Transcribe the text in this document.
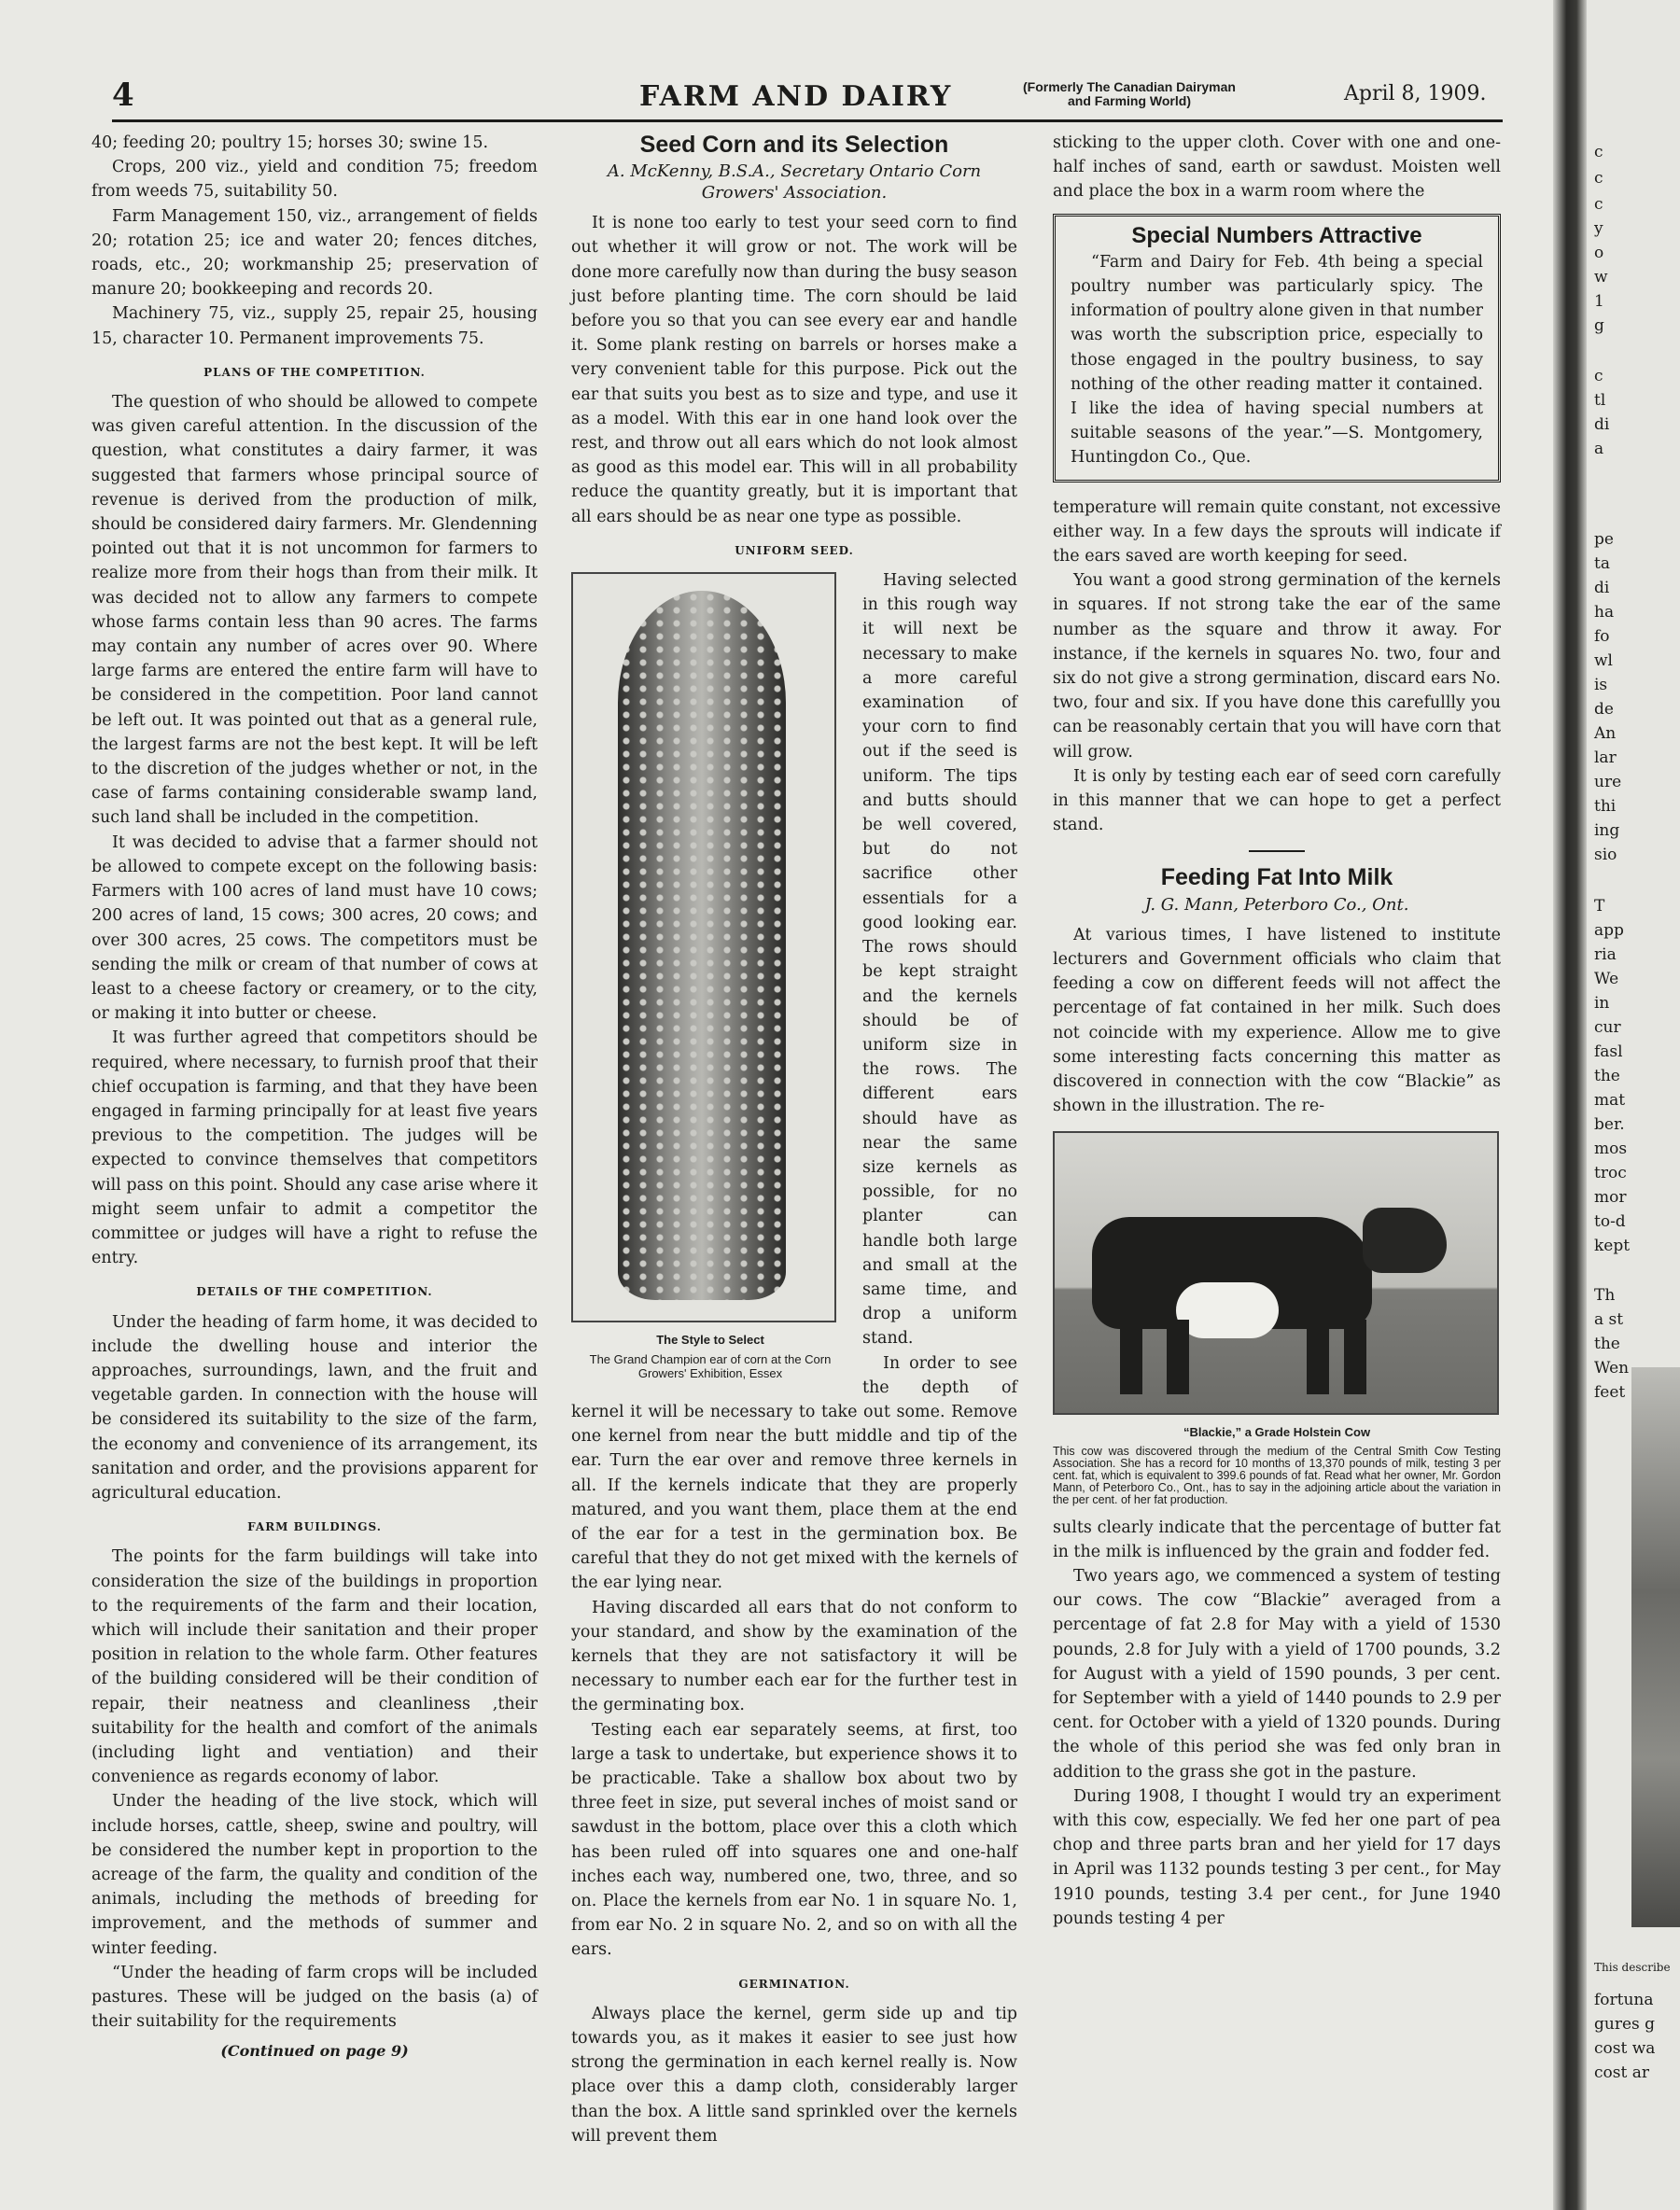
4	FARM AND DAIRY	(Formerly The Canadian Dairyman
and Farming World)	April 8, 1909.

40; feeding 20; poultry 15; horses 30; swine 15.

Crops, 200 viz., yield and condition 75; freedom from weeds 75, suitability 50.

Farm Management 150, viz., arrangement of fields 20; rotation 25; ice and water 20; fences ditches, roads, etc., 20; workmanship 25; preservation of manure 20; bookkeeping and records 20.

Machinery 75, viz., supply 25, repair 25, housing 15, character 10. Permanent improvements 75.

PLANS OF THE COMPETITION.

The question of who should be allowed to compete was given careful attention. In the discussion of the question, what constitutes a dairy farmer, it was suggested that farmers whose principal source of revenue is derived from the production of milk, should be considered dairy farmers. Mr. Glendenning pointed out that it is not uncommon for farmers to realize more from their hogs than from their milk. It was decided not to allow any farmers to compete whose farms contain less than 90 acres. The farms may contain any number of acres over 90. Where large farms are entered the entire farm will have to be considered in the competition. Poor land cannot be left out. It was pointed out that as a general rule, the largest farms are not the best kept. It will be left to the discretion of the judges whether or not, in the case of farms containing considerable swamp land, such land shall be included in the competition.

It was decided to advise that a farmer should not be allowed to compete except on the following basis: Farmers with 100 acres of land must have 10 cows; 200 acres of land, 15 cows; 300 acres, 20 cows; and over 300 acres, 25 cows. The competitors must be sending the milk or cream of that number of cows at least to a cheese factory or creamery, or to the city, or making it into butter or cheese.

It was further agreed that competitors should be required, where necessary, to furnish proof that their chief occupation is farming, and that they have been engaged in farming principally for at least five years previous to the competition. The judges will be expected to convince themselves that competitors will pass on this point. Should any case arise where it might seem unfair to admit a competitor the committee or judges will have a right to refuse the entry.

DETAILS OF THE COMPETITION.

Under the heading of farm home, it was decided to include the dwelling house and interior the approaches, surroundings, lawn, and the fruit and vegetable garden. In connection with the house will be considered its suitability to the size of the farm, the economy and convenience of its arrangement, its sanitation and order, and the provisions apparent for agricultural education.

FARM BUILDINGS.

The points for the farm buildings will take into consideration the size of the buildings in proportion to the requirements of the farm and their location, which will include their sanitation and their proper position in relation to the whole farm. Other features of the building considered will be their condition of repair, their neatness and cleanliness ,their suitability for the health and comfort of the animals (including light and ventiation) and their convenience as regards economy of labor.

Under the heading of the live stock, which will include horses, cattle, sheep, swine and poultry, will be considered the number kept in proportion to the acreage of the farm, the quality and condition of the animals, including the methods of breeding for improvement, and the methods of summer and winter feeding.

“Under the heading of farm crops will be included pastures. These will be judged on the basis (a) of their suitability for the requirements

(Continued on page 9)
Seed Corn and its Selection
A. McKenny, B.S.A., Secretary Ontario Corn
Growers' Association.

It is none too early to test your seed corn to find out whether it will grow or not. The work will be done more carefully now than during the busy season just before planting time. The corn should be laid before you so that you can see every ear and handle it. Some plank resting on barrels or horses make a very convenient table for this purpose. Pick out the ear that suits you best as to size and type, and use it as a model. With this ear in one hand look over the rest, and throw out all ears which do not look almost as good as this model ear. This will in all probability reduce the quantity greatly, but it is important that all ears should be as near one type as possible.

UNIFORM SEED.
The Style to Select
The Grand Champion ear of corn at the Corn Growers' Exhibition, Essex

Having selected in this rough way it will next be necessary to make a more careful examination of your corn to find out if the seed is uniform. The tips and butts should be well covered, but do not sacrifice other essentials for a good looking ear. The rows should be kept straight and the kernels should be of uniform size in the rows. The different ears should have as near the same size kernels as possible, for no planter can handle both large and small at the same time, and drop a uniform stand.

In order to see the depth of kernel it will be necessary to take out some. Remove one kernel from near the butt middle and tip of the ear. Turn the ear over and remove three kernels in all. If the kernels indicate that they are properly matured, and you want them, place them at the end of the ear for a test in the germination box. Be careful that they do not get mixed with the kernels of the ear lying near.

Having discarded all ears that do not conform to your standard, and show by the examination of the kernels that they are not satisfactory it will be necessary to number each ear for the further test in the germinating box.

Testing each ear separately seems, at first, too large a task to undertake, but experience shows it to be practicable. Take a shallow box about two by three feet in size, put several inches of moist sand or sawdust in the bottom, place over this a cloth which has been ruled off into squares one and one-half inches each way, numbered one, two, three, and so on. Place the kernels from ear No. 1 in square No. 1, from ear No. 2 in square No. 2, and so on with all the ears.

GERMINATION.

Always place the kernel, germ side up and tip towards you, as it makes it easier to see just how strong the germination in each kernel really is. Now place over this a damp cloth, considerably larger than the box. A little sand sprinkled over the kernels will prevent them

sticking to the upper cloth. Cover with one and one-half inches of sand, earth or sawdust. Moisten well and place the box in a warm room where the

Special Numbers Attractive

“Farm and Dairy for Feb. 4th being a special poultry number was particularly spicy. The information of poultry alone given in that number was worth the subscription price, especially to those engaged in the poultry business, to say nothing of the other reading matter it contained. I like the idea of having special numbers at suitable seasons of the year.”—S. Montgomery, Huntingdon Co., Que.

temperature will remain quite constant, not excessive either way. In a few days the sprouts will indicate if the ears saved are worth keeping for seed.

You want a good strong germination of the kernels in squares. If not strong take the ear of the same number as the square and throw it away. For instance, if the kernels in squares No. two, four and six do not give a strong germination, discard ears No. two, four and six. If you have done this carefullly you can be reasonably certain that you will have corn that will grow.

It is only by testing each ear of seed corn carefully in this manner that we can hope to get a perfect stand.

Feeding Fat Into Milk
J. G. Mann, Peterboro Co., Ont.

At various times, I have listened to institute lecturers and Government officials who claim that feeding a cow on different feeds will not affect the percentage of fat contained in her milk. Such does not coincide with my experience. Allow me to give some interesting facts concerning this matter as discovered in connection with the cow “Blackie” as shown in the illustration. The re-

“Blackie,” a Grade Holstein Cow
This cow was discovered through the medium of the Central Smith Cow Testing Association. She has a record for 10 months of 13,370 pounds of milk, testing 3 per cent. fat, which is equivalent to 399.6 pounds of fat. Read what her owner, Mr. Gordon Mann, of Peterboro Co., Ont., has to say in the adjoining article about the variation in the per cent. of her fat production.

sults clearly indicate that the percentage of butter fat in the milk is influenced by the grain and fodder fed.

Two years ago, we commenced a system of testing our cows. The cow “Blackie” averaged from a percentage of fat 2.8 for May with a yield of 1530 pounds, 2.8 for July with a yield of 1700 pounds, 3.2 for August with a yield of 1590 pounds, 3 per cent. for September with a yield of 1440 pounds to 2.9 per cent. for October with a yield of 1320 pounds. During the whole of this period she was fed only bran in addition to the grass she got in the pasture.

During 1908, I thought I would try an experiment with this cow, especially. We fed her one part of pea chop and three parts bran and her yield for 17 days in April was 1132 pounds testing 3 per cent., for May 1910 pounds, testing 3.4 per cent., for June 1940 pounds testing 4 per

c
c
c
y
o
w
1
g
c
tl
di
a
pe
ta
di
ha
fo
wl
is
de
An
lar
ure
thi
ing
sio
T
app
ria
We
in
cur
fasl
the
mat
ber.
mos
troc
mor
to-d
kept
Th
a st
the
Wen
feet
This describe
fortuna
gures g
cost wa
cost ar
